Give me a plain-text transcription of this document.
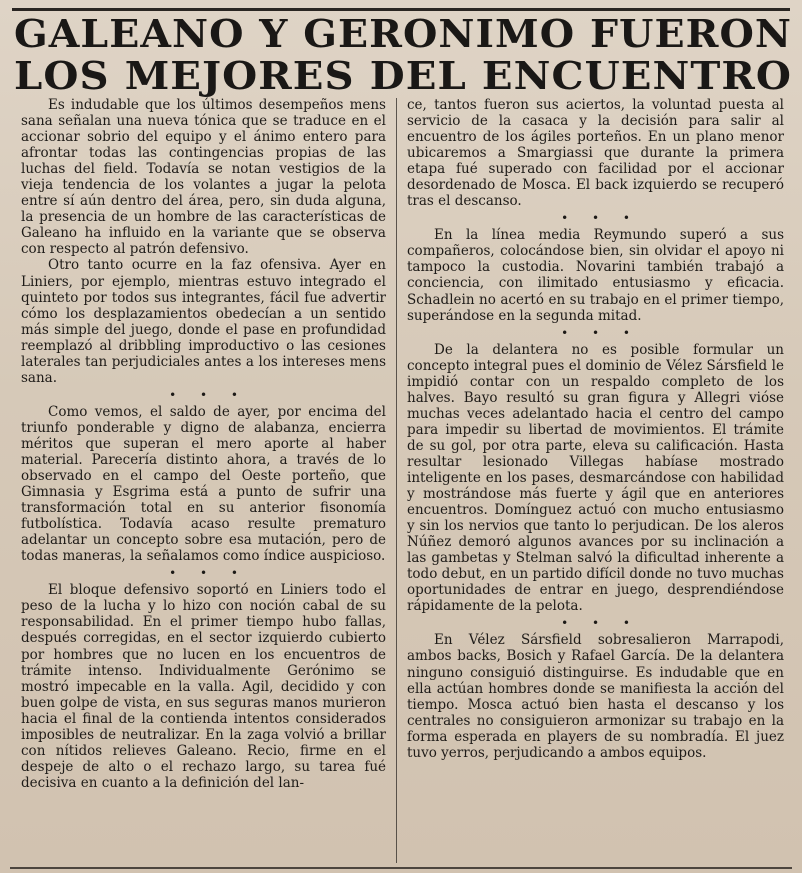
GALEANO Y GERONIMO FUERON
LOS MEJORES DEL ENCUENTRO

Es indudable que los últimos desempeños mens sana señalan una nueva tónica que se traduce en el accionar sobrio del equipo y el ánimo entero para afrontar todas las contingencias propias de las luchas del field. Todavía se notan vestigios de la vieja tendencia de los volantes a jugar la pelota entre sí aún dentro del área, pero, sin duda alguna, la presencia de un hombre de las características de Galeano ha influido en la variante que se observa con respecto al patrón defensivo.

Otro tanto ocurre en la faz ofensiva. Ayer en Liniers, por ejemplo, mientras estuvo integrado el quinteto por todos sus integrantes, fácil fue advertir cómo los desplazamientos obedecían a un sentido más simple del juego, donde el pase en profundidad reemplazó al dribbling improductivo o las cesiones laterales tan perjudiciales antes a los intereses mens sana.

• • •

Como vemos, el saldo de ayer, por encima del triunfo ponderable y digno de alabanza, encierra méritos que superan el mero aporte al haber material. Parecería distinto ahora, a través de lo observado en el campo del Oeste porteño, que Gimnasia y Esgrima está a punto de sufrir una transformación total en su anterior fisonomía futbolística. Todavía acaso resulte prematuro adelantar un concepto sobre esa mutación, pero de todas maneras, la señalamos como índice auspicioso.

• • •

El bloque defensivo soportó en Liniers todo el peso de la lucha y lo hizo con noción cabal de su responsabilidad. En el primer tiempo hubo fallas, después corregidas, en el sector izquierdo cubierto por hombres que no lucen en los encuentros de trámite intenso. Individualmente Gerónimo se mostró impecable en la valla. Agil, decidido y con buen golpe de vista, en sus seguras manos murieron hacia el final de la contienda intentos considerados imposibles de neutralizar. En la zaga volvió a brillar con nítidos relieves Galeano. Recio, firme en el despeje de alto o el rechazo largo, su tarea fué decisiva en cuanto a la definición del lan-

ce, tantos fueron sus aciertos, la voluntad puesta al servicio de la casaca y la decisión para salir al encuentro de los ágiles porteños. En un plano menor ubicaremos a Smargiassi que durante la primera etapa fué superado con facilidad por el accionar desordenado de Mosca. El back izquierdo se recuperó tras el descanso.

• • •

En la línea media Reymundo superó a sus compañeros, colocándose bien, sin olvidar el apoyo ni tampoco la custodia. Novarini también trabajó a conciencia, con ilimitado entusiasmo y eficacia. Schadlein no acertó en su trabajo en el primer tiempo, superándose en la segunda mitad.

• • •

De la delantera no es posible formular un concepto integral pues el dominio de Vélez Sársfield le impidió contar con un respaldo completo de los halves. Bayo resultó su gran figura y Allegri vióse muchas veces adelantado hacia el centro del campo para impedir su libertad de movimientos. El trámite de su gol, por otra parte, eleva su calificación. Hasta resultar lesionado Villegas habíase mostrado inteligente en los pases, desmarcándose con habilidad y mostrándose más fuerte y ágil que en anteriores encuentros. Domínguez actuó con mucho entusiasmo y sin los nervios que tanto lo perjudican. De los aleros Núñez demoró algunos avances por su inclinación a las gambetas y Stelman salvó la dificultad inherente a todo debut, en un partido difícil donde no tuvo muchas oportunidades de entrar en juego, desprendiéndose rápidamente de la pelota.

• • •

En Vélez Sársfield sobresalieron Marrapodi, ambos backs, Bosich y Rafael García. De la delantera ninguno consiguió distinguirse. Es indudable que en ella actúan hombres donde se manifiesta la acción del tiempo. Mosca actuó bien hasta el descanso y los centrales no consiguieron armonizar su trabajo en la forma esperada en players de su nombradía. El juez tuvo yerros, perjudicando a ambos equipos.
